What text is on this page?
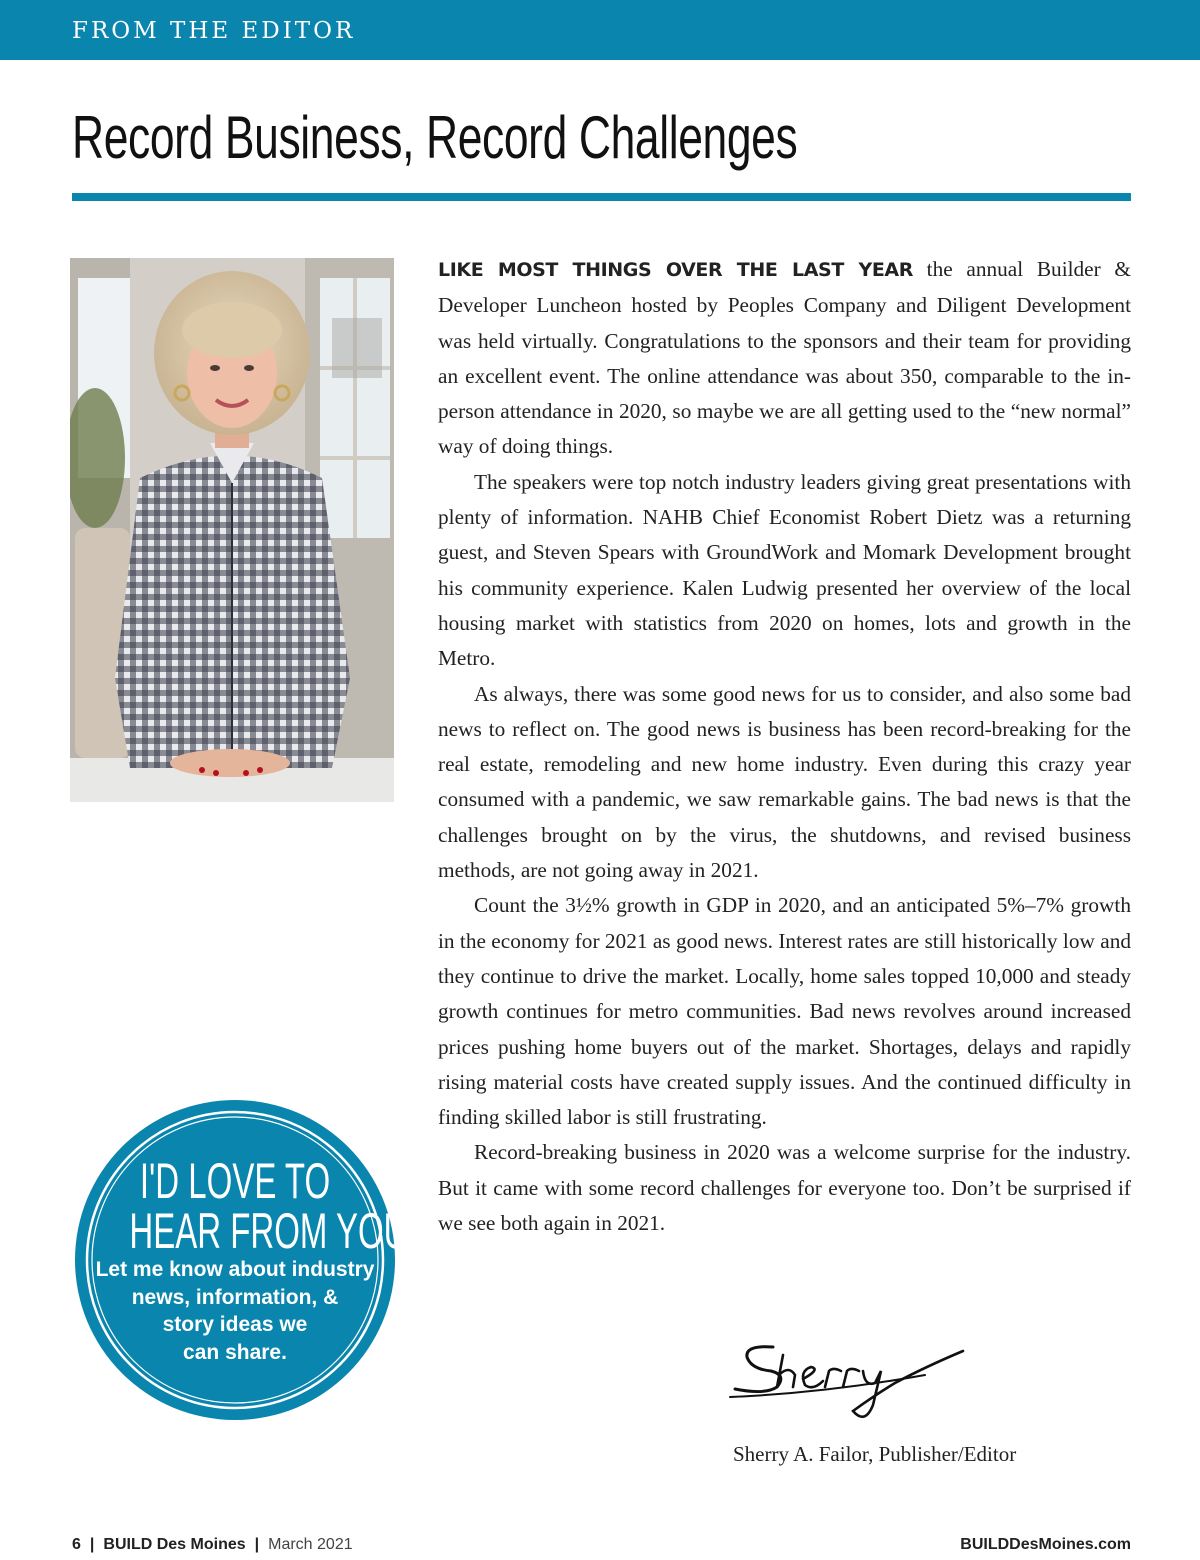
FROM THE EDITOR
Record Business, Record Challenges

LIKE MOST THINGS OVER THE LAST YEAR the annual Builder & Developer Luncheon hosted by Peoples Company and Diligent Development was held virtually. Congratulations to the sponsors and their team for providing an excellent event. The online attendance was about 350, comparable to the in-person attendance in 2020, so maybe we are all getting used to the “new normal” way of doing things.

The speakers were top notch industry leaders giving great presentations with plenty of information. NAHB Chief Economist Robert Dietz was a returning guest, and Steven Spears with GroundWork and Momark Development brought his community experience. Kalen Ludwig presented her overview of the local housing market with statistics from 2020 on homes, lots and growth in the Metro.

As always, there was some good news for us to consider, and also some bad news to reflect on. The good news is business has been record-breaking for the real estate, remodeling and new home industry. Even during this crazy year consumed with a pandemic, we saw remarkable gains. The bad news is that the challenges brought on by the virus, the shutdowns, and revised business methods, are not going away in 2021.

Count the 3½% growth in GDP in 2020, and an anticipated 5%–7% growth in the economy for 2021 as good news. Interest rates are still historically low and they continue to drive the market. Locally, home sales topped 10,000 and steady growth continues for metro communities. Bad news revolves around increased prices pushing home buyers out of the market. Shortages, delays and rapidly rising material costs have created supply issues. And the continued difficulty in finding skilled labor is still frustrating.

Record-breaking business in 2020 was a welcome surprise for the industry. But it came with some record challenges for everyone too. Don’t be surprised if we see both again in 2021.

I'D LOVE TO
HEAR FROM YOU!
Let me know about industry
news, information, &
story ideas we
can share.
Sherry A. Failor, Publisher/Editor
6 | BUILD Des Moines | March 2021	BUILDDesMoines.com
